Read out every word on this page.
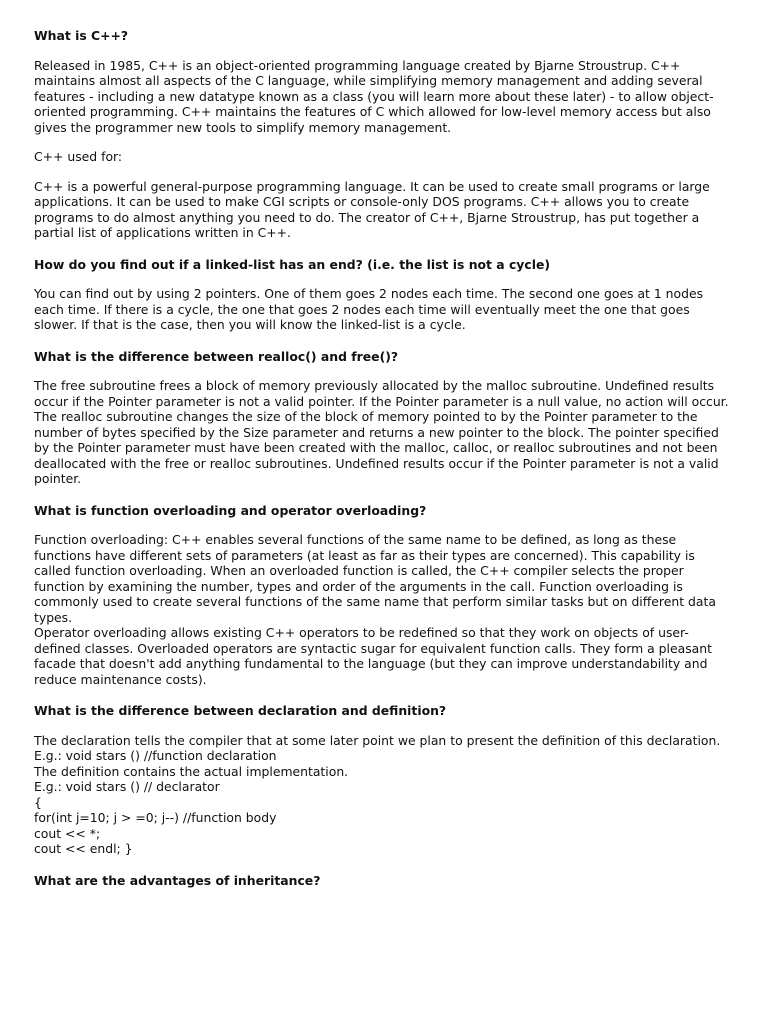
What is C++?

Released in 1985, C++ is an object-oriented programming language created by Bjarne Stroustrup. C++ maintains almost all aspects of the C language, while simplifying memory management and adding several features - including a new datatype known as a class (you will learn more about these later) - to allow object-oriented programming. C++ maintains the features of C which allowed for low-level memory access but also gives the programmer new tools to simplify memory management.

C++ used for:

C++ is a powerful general-purpose programming language. It can be used to create small programs or large applications. It can be used to make CGI scripts or console-only DOS programs. C++ allows you to create programs to do almost anything you need to do. The creator of C++, Bjarne Stroustrup, has put together a partial list of applications written in C++.

How do you find out if a linked-list has an end? (i.e. the list is not a cycle)

You can find out by using 2 pointers. One of them goes 2 nodes each time. The second one goes at 1 nodes each time. If there is a cycle, the one that goes 2 nodes each time will eventually meet the one that goes slower. If that is the case, then you will know the linked-list is a cycle.

What is the difference between realloc() and free()?

The free subroutine frees a block of memory previously allocated by the malloc subroutine. Undefined results occur if the Pointer parameter is not a valid pointer. If the Pointer parameter is a null value, no action will occur. The realloc subroutine changes the size of the block of memory pointed to by the Pointer parameter to the number of bytes specified by the Size parameter and returns a new pointer to the block. The pointer specified by the Pointer parameter must have been created with the malloc, calloc, or realloc subroutines and not been deallocated with the free or realloc subroutines. Undefined results occur if the Pointer parameter is not a valid pointer.

What is function overloading and operator overloading?

Function overloading: C++ enables several functions of the same name to be defined, as long as these functions have different sets of parameters (at least as far as their types are concerned). This capability is called function overloading. When an overloaded function is called, the C++ compiler selects the proper function by examining the number, types and order of the arguments in the call. Function overloading is commonly used to create several functions of the same name that perform similar tasks but on different data types.

Operator overloading allows existing C++ operators to be redefined so that they work on objects of user-defined classes. Overloaded operators are syntactic sugar for equivalent function calls. They form a pleasant facade that doesn't add anything fundamental to the language (but they can improve understandability and reduce maintenance costs).

What is the difference between declaration and definition?

The declaration tells the compiler that at some later point we plan to present the definition of this declaration.

E.g.: void stars () //function declaration
The definition contains the actual implementation.
E.g.: void stars () // declarator
{
for(int j=10; j > =0; j--) //function body
cout << *;
cout << endl; }
What are the advantages of inheritance?
